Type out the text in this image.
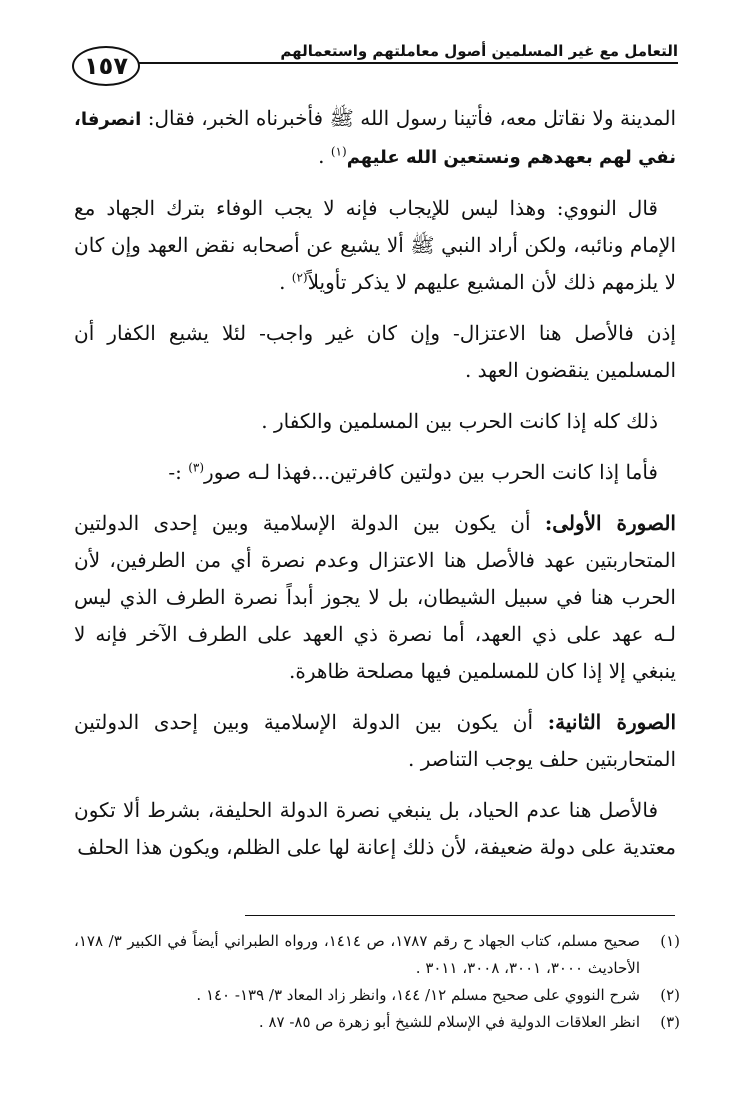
التعامل مع غير المسلمين أصول معاملتهم واستعمالهم
١٥٧

المدينة ولا نقاتل معه، فأتينا رسول الله ﷺ فأخبرناه الخبر، فقال: انصرفا، نفي لهم بعهدهم ونستعين الله عليهم$^{(١)}$ .

قال النووي: وهذا ليس للإيجاب فإنه لا يجب الوفاء بترك الجهاد مع الإمام ونائبه، ولكن أراد النبي ﷺ ألا يشيع عن أصحابه نقض العهد وإن كان لا يلزمهم ذلك لأن المشيع عليهم لا يذكر تأويلاً$^{(٢)}$ .

إذن فالأصل هنا الاعتزال- وإن كان غير واجب- لئلا يشيع الكفار أن المسلمين ينقضون العهد .

ذلك كله إذا كانت الحرب بين المسلمين والكفار .

فأما إذا كانت الحرب بين دولتين كافرتين...فهذا لـه صور$^{(٣)}$ :-

الصورة الأولى: أن يكون بين الدولة الإسلامية وبين إحدى الدولتين المتحاربتين عهد فالأصل هنا الاعتزال وعدم نصرة أي من الطرفين، لأن الحرب هنا في سبيل الشيطان، بل لا يجوز أبداً نصرة الطرف الذي ليس لـه عهد على ذي العهد، أما نصرة ذي العهد على الطرف الآخر فإنه لا ينبغي إلا إذا كان للمسلمين فيها مصلحة ظاهرة.

الصورة الثانية: أن يكون بين الدولة الإسلامية وبين إحدى الدولتين المتحاربتين حلف يوجب التناصر .

فالأصل هنا عدم الحياد، بل ينبغي نصرة الدولة الحليفة، بشرط ألا تكون معتدية على دولة ضعيفة، لأن ذلك إعانة لها على الظلم، ويكون هذا الحلف

(١)
صحيح مسلم، كتاب الجهاد ح رقم ١٧٨٧، ص ١٤١٤، ورواه الطبراني أيضاً في الكبير ٣/ ١٧٨، الأحاديث ٣٠٠٠، ٣٠٠١، ٣٠٠٨، ٣٠١١ .
(٢)
شرح النووي على صحيح مسلم ١٢/ ١٤٤، وانظر زاد المعاد ٣/ ١٣٩- ١٤٠ .
(٣)
انظر العلاقات الدولية في الإسلام للشيخ أبو زهرة ص ٨٥- ٨٧ .
